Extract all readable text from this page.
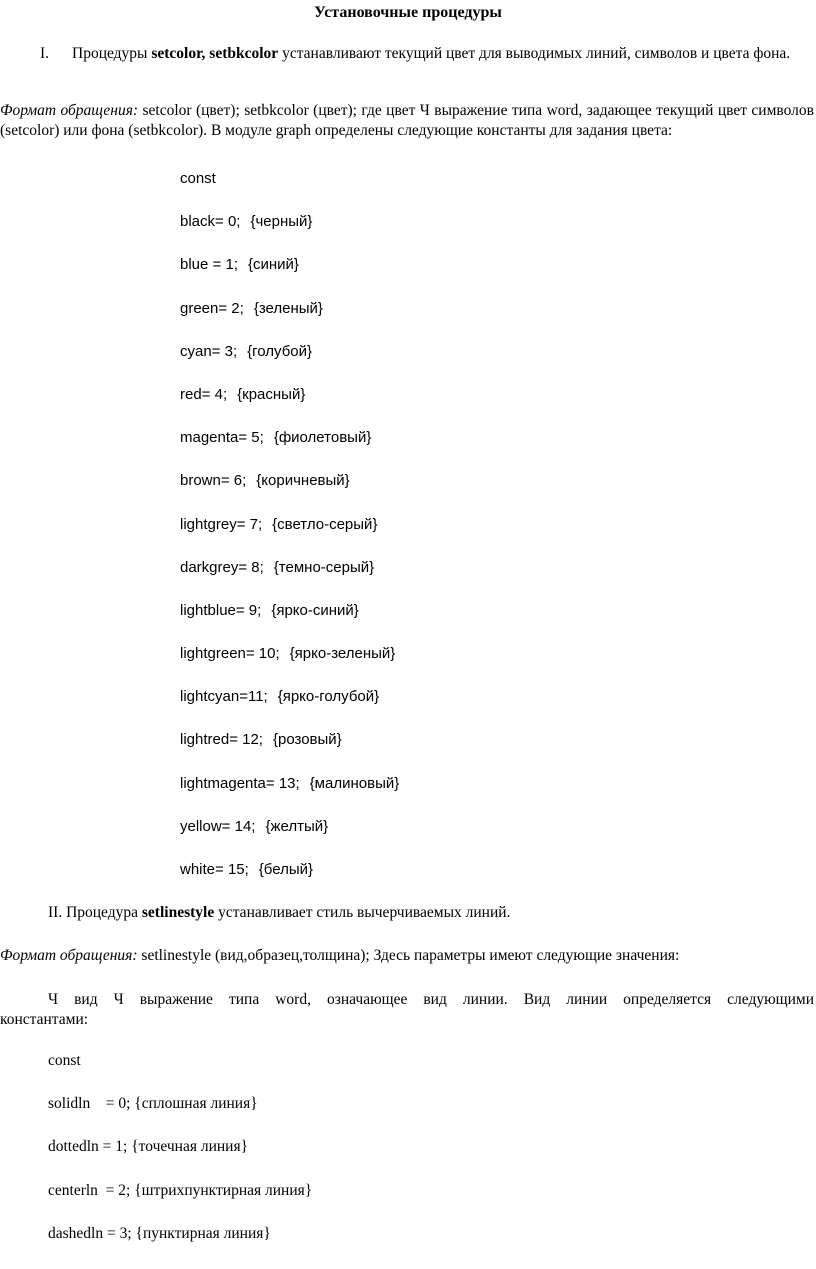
Установочные процедуры
I. Процедуры setcolor, setbkcolor устанавливают текущий цвет для выводимых линий, символов и цвета фона.
Формат обращения: setcolor (цвет); setbkcolor (цвет); где цвет Ч выражение типа word, задающее текущий цвет символов (setcolor) или фона (setbkcolor). В модуле graph определены следующие константы для задания цвета:
const
black= 0; {черный}
blue = 1; {синий}
green= 2; {зеленый}
cyan= 3; {голубой}
red= 4; {красный}
magenta= 5; {фиолетовый}
brown= 6; {коричневый}
lightgrey= 7; {светло-серый}
darkgrey= 8; {темно-серый}
lightblue= 9; {ярко-синий}
lightgreen= 10; {ярко-зеленый}
lightcyan=11; {ярко-голубой}
lightred= 12; {розовый}
lightmagenta= 13; {малиновый}
yellow= 14; {желтый}
white= 15; {белый}
II. Процедура setlinestyle устанавливает стиль вычерчиваемых линий.
Формат обращения: setlinestyle (вид,образец,толщина); Здесь параметры имеют следующие значения:
Ч вид Ч выражение типа word, означающее вид линии. Вид линии определяется следующими константами:
const
solidln    = 0; {сплошная линия}
dottedln = 1; {точечная линия}
centerln  = 2; {штрихпунктирная линия}
dashedln = 3; {пунктирная линия}
